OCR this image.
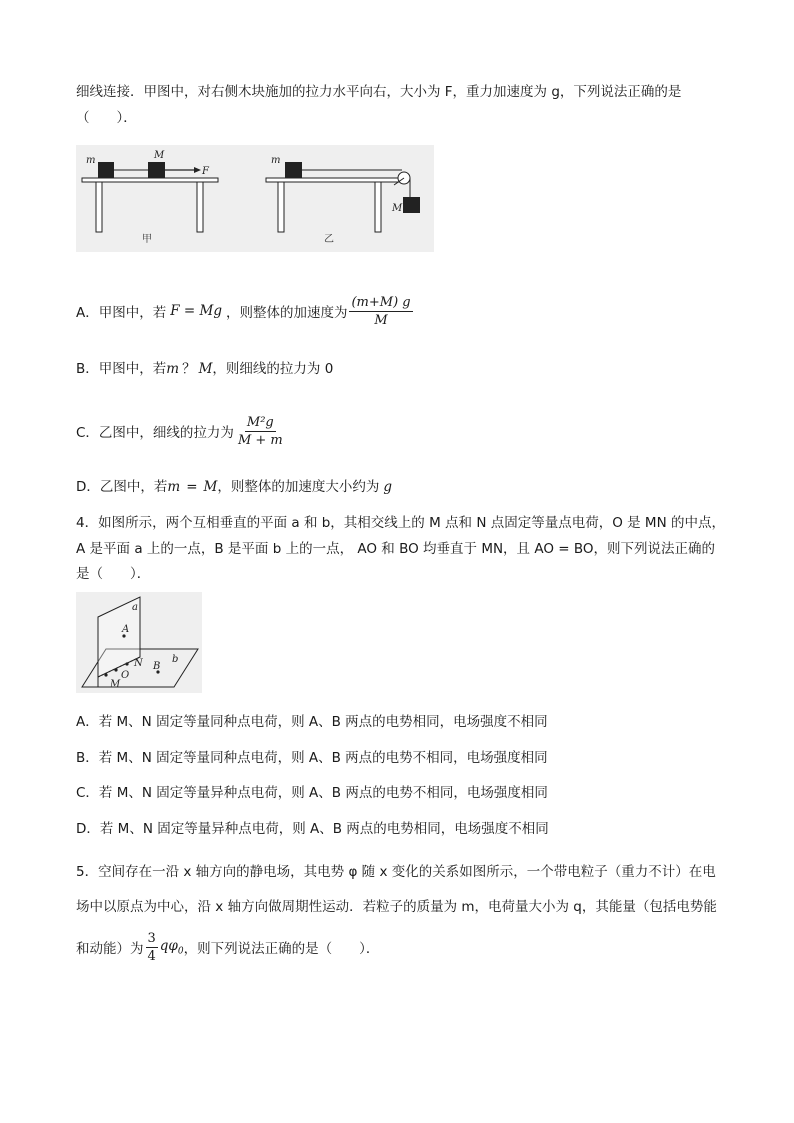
细线连接．甲图中，对右侧木块施加的拉力水平向右，大小为 F，重力加速度为 g，下列说法正确的是
（　　）．
m	M
F
甲
m
M
乙
A．甲图中，若 F = Mg ，则整体的加速度为 $\frac{(m+M) g}{M}$
B．甲图中，若m ？ M，则细线的拉力为 0
C．乙图中，细线的拉力为 $\frac{\text{M²g}}{M + m}$
D．乙图中，若m = M，则整体的加速度大小约为 g
4．如图所示，两个互相垂直的平面 a 和 b，其相交线上的 M 点和 N 点固定等量点电荷，O 是 MN 的中点，
A 是平面 a 上的一点，B 是平面 b 上的一点， AO 和 BO 均垂直于 MN，且 AO = BO，则下列说法正确的
是（　　）．
a
A
N	b
O
B
M
A．若 M、N 固定等量同种点电荷，则 A、B 两点的电势相同，电场强度不相同
B．若 M、N 固定等量同种点电荷，则 A、B 两点的电势不相同，电场强度相同
C．若 M、N 固定等量异种点电荷，则 A、B 两点的电势不相同，电场强度相同
D．若 M、N 固定等量异种点电荷，则 A、B 两点的电势相同，电场强度不相同
5．空间存在一沿 x 轴方向的静电场，其电势 φ 随 x 变化的关系如图所示，一个带电粒子（重力不计）在电
场中以原点为中心，沿 x 轴方向做周期性运动．若粒子的质量为 m，电荷量大小为 q，其能量（包括电势能
和动能）为 $\frac{3}{4} q\varphi_0$ ，则下列说法正确的是（　　）．
